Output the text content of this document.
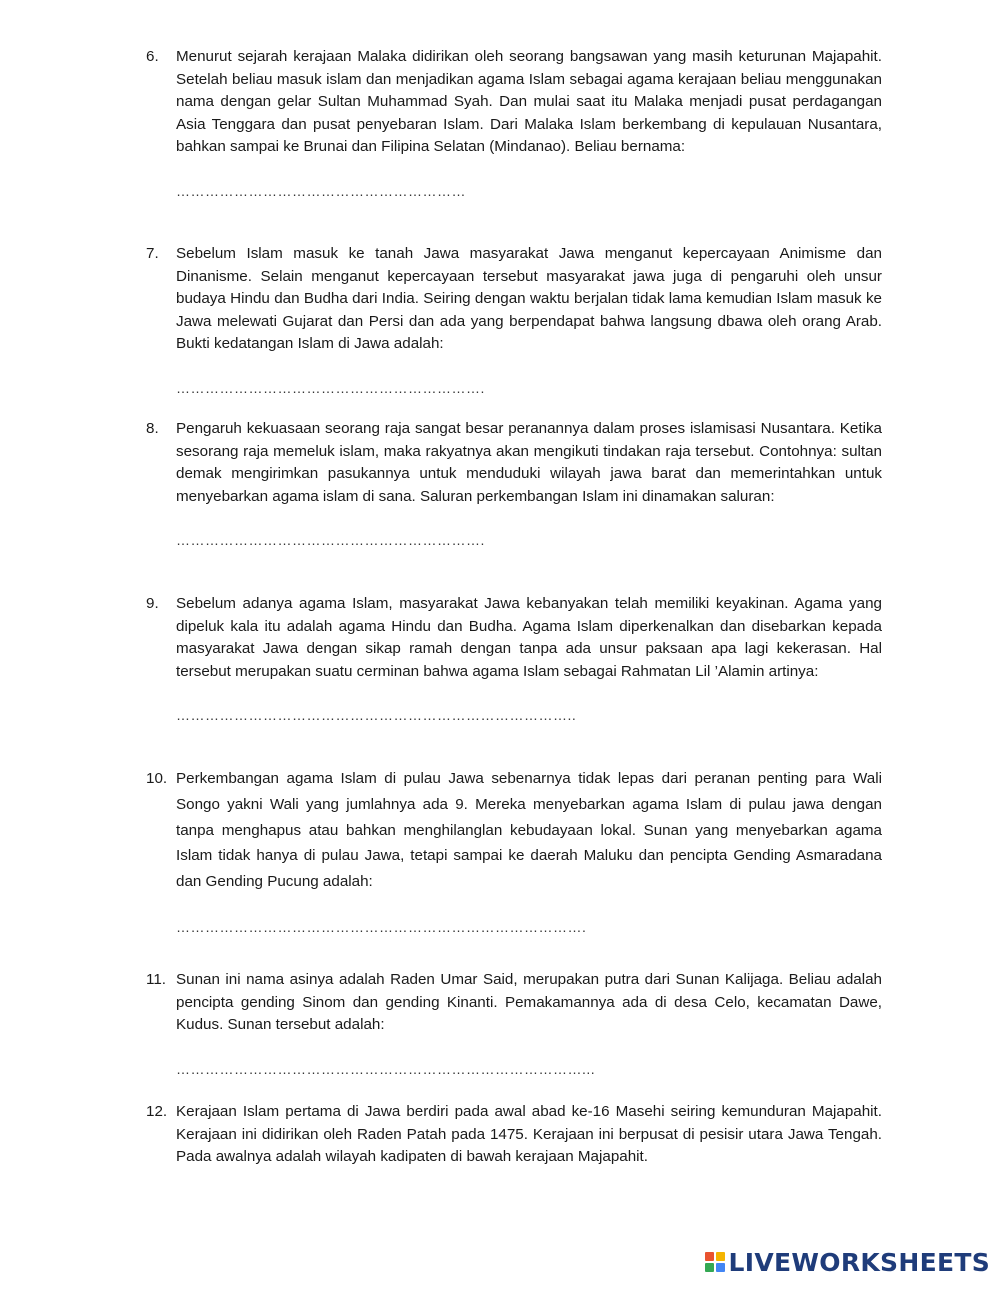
6. Menurut sejarah kerajaan Malaka didirikan oleh seorang bangsawan yang masih keturunan Majapahit. Setelah beliau masuk islam dan menjadikan agama Islam sebagai agama kerajaan beliau menggunakan nama dengan gelar Sultan Muhammad Syah. Dan mulai saat itu Malaka menjadi pusat perdagangan Asia Tenggara dan pusat penyebaran Islam. Dari Malaka Islam berkembang di kepulauan Nusantara, bahkan sampai ke Brunai dan Filipina Selatan (Mindanao). Beliau bernama:
……………………………………………………
7. Sebelum Islam masuk ke tanah Jawa masyarakat Jawa menganut kepercayaan Animisme dan Dinanisme. Selain menganut kepercayaan tersebut masyarakat jawa juga di pengaruhi oleh unsur budaya Hindu dan Budha dari India. Seiring dengan waktu berjalan tidak lama kemudian Islam masuk ke Jawa melewati Gujarat dan Persi dan ada yang berpendapat bahwa langsung dbawa oleh orang Arab. Bukti kedatangan Islam di Jawa adalah:
……………………………………………………….
8. Pengaruh kekuasaan seorang raja sangat besar peranannya dalam proses islamisasi Nusantara. Ketika sesorang raja memeluk islam, maka rakyatnya akan mengikuti tindakan raja tersebut. Contohnya: sultan demak mengirimkan pasukannya untuk menduduki wilayah jawa barat dan memerintahkan untuk menyebarkan agama islam di sana. Saluran perkembangan Islam ini dinamakan saluran:
……………………………………………………….
9. Sebelum adanya agama Islam, masyarakat Jawa kebanyakan telah memiliki keyakinan. Agama yang dipeluk kala itu adalah agama Hindu dan Budha. Agama Islam diperkenalkan dan disebarkan kepada masyarakat Jawa dengan sikap ramah dengan tanpa ada unsur paksaan apa lagi kekerasan. Hal tersebut merupakan suatu cerminan bahwa agama Islam sebagai Rahmatan Lil ’Alamin artinya:
………………………………………………………………………..
10. Perkembangan agama Islam di pulau Jawa sebenarnya tidak lepas dari peranan penting para Wali Songo yakni Wali yang jumlahnya ada 9. Mereka menyebarkan agama Islam di pulau jawa dengan tanpa menghapus atau bahkan menghilanglan kebudayaan lokal. Sunan yang menyebarkan agama Islam tidak hanya di pulau Jawa, tetapi sampai ke daerah Maluku dan pencipta Gending Asmaradana dan Gending Pucung adalah:
………………………………………………………………………….
11. Sunan ini nama asinya adalah Raden Umar Said, merupakan putra dari Sunan Kalijaga. Beliau adalah pencipta gending Sinom dan gending Kinanti. Pemakamannya ada di desa Celo, kecamatan Dawe, Kudus. Sunan tersebut adalah:
…………………………………………………………………………...
12. Kerajaan Islam pertama di Jawa berdiri pada awal abad ke-16 Masehi seiring kemunduran Majapahit. Kerajaan ini didirikan oleh Raden Patah pada 1475. Kerajaan ini berpusat di pesisir utara Jawa Tengah. Pada awalnya adalah wilayah kadipaten di bawah kerajaan Majapahit.
LIVEWORKSHEETS
